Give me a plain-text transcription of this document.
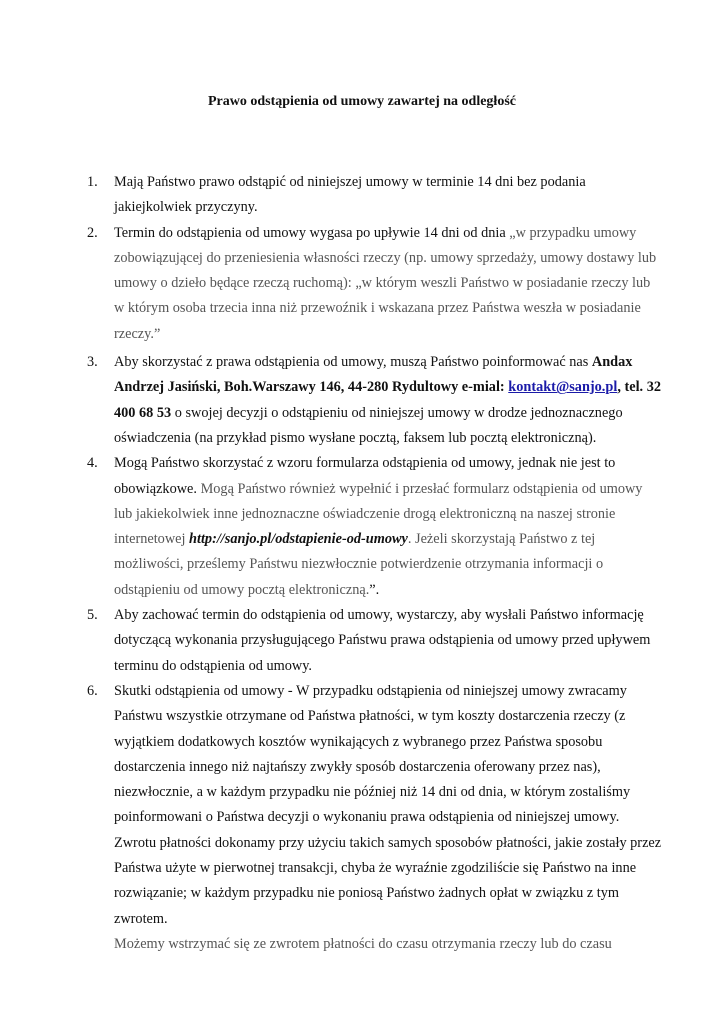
Prawo odstąpienia od umowy zawartej na odległość
1. Mają Państwo prawo odstąpić od niniejszej umowy w terminie 14 dni bez podania jakiejkolwiek przyczyny.
2. Termin do odstąpienia od umowy wygasa po upływie 14 dni od dnia „w przypadku umowy zobowiązującej do przeniesienia własności rzeczy (np. umowy sprzedaży, umowy dostawy lub umowy o dzieło będące rzeczą ruchomą): „w którym weszli Państwo w posiadanie rzeczy lub w którym osoba trzecia inna niż przewoźnik i wskazana przez Państwa weszła w posiadanie rzeczy.”
3. Aby skorzystać z prawa odstąpienia od umowy, muszą Państwo poinformować nas Andax Andrzej Jasiński, Boh.Warszawy 146, 44-280 Rydultowy e-mial: kontakt@sanjo.pl, tel. 32 400 68 53 o swojej decyzji o odstąpieniu od niniejszej umowy w drodze jednoznacznego oświadczenia (na przykład pismo wysłane pocztą, faksem lub pocztą elektroniczną).
4. Mogą Państwo skorzystać z wzoru formularza odstąpienia od umowy, jednak nie jest to obowiązkowe. Mogą Państwo również wypełnić i przesłać formularz odstąpienia od umowy lub jakiekolwiek inne jednoznaczne oświadczenie drogą elektroniczną na naszej stronie internetowej http://sanjo.pl/odstapienie-od-umowy. Jeżeli skorzystają Państwo z tej możliwości, prześlemy Państwu niezwłocznie potwierdzenie otrzymania informacji o odstąpieniu od umowy pocztą elektroniczną.”.
5. Aby zachować termin do odstąpienia od umowy, wystarczy, aby wysłali Państwo informację dotyczącą wykonania przysługującego Państwu prawa odstąpienia od umowy przed upływem terminu do odstąpienia od umowy.
6. Skutki odstąpienia od umowy - W przypadku odstąpienia od niniejszej umowy zwracamy Państwu wszystkie otrzymane od Państwa płatności, w tym koszty dostarczenia rzeczy (z wyjątkiem dodatkowych kosztów wynikających z wybranego przez Państwa sposobu dostarczenia innego niż najtańszy zwykły sposób dostarczenia oferowany przez nas), niezwłocznie, a w każdym przypadku nie później niż 14 dni od dnia, w którym zostaliśmy poinformowani o Państwa decyzji o wykonaniu prawa odstąpienia od niniejszej umowy. Zwrotu płatności dokonamy przy użyciu takich samych sposobów płatności, jakie zostały przez Państwa użyte w pierwotnej transakcji, chyba że wyraźnie zgodziliście się Państwo na inne rozwiązanie; w każdym przypadku nie poniosą Państwo żadnych opłat w związku z tym zwrotem.
Możemy wstrzymać się ze zwrotem płatności do czasu otrzymania rzeczy lub do czasu
